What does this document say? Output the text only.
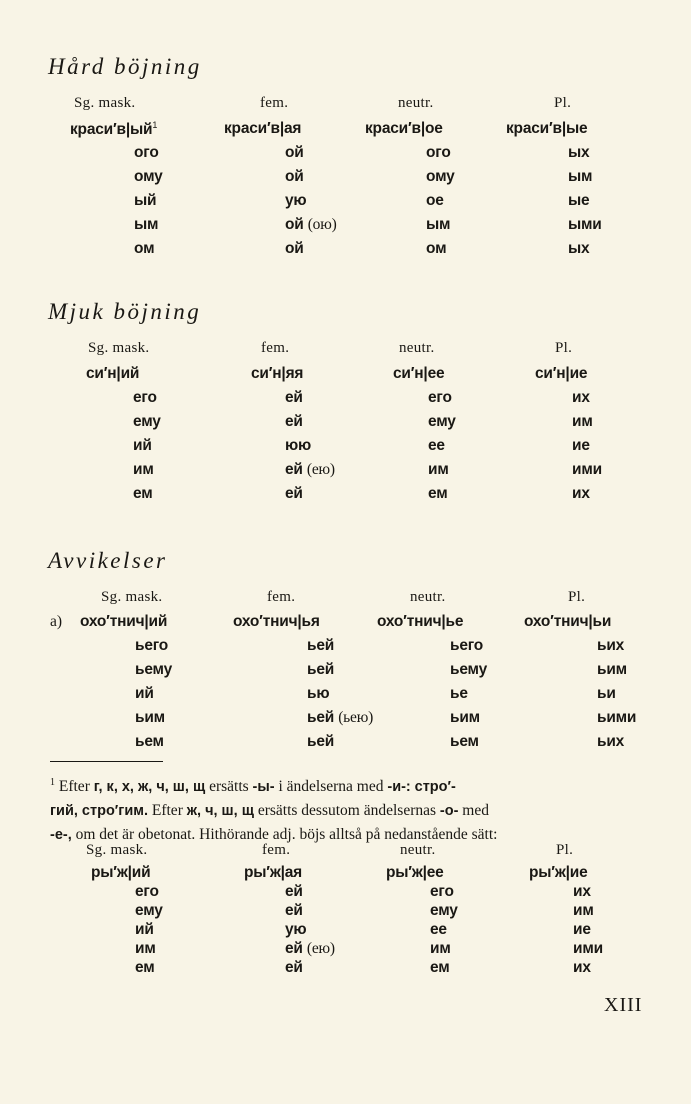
Hård böjning
Sg. mask.	fem.	neutr.	Pl.
$краси'в|ый^1$	краси′в|ая	краси′в|ое	краси′в|ые
ого	ой	ого	ых
ому	ой	ому	ым
ый	ую	ое	ые
ым	ой (ою)	ым	ыми
ом	ой	ом	ых
Mjuk böjning
Sg. mask.	fem.	neutr.	Pl.
си′н|ий	си′н|яя	си′н|ее	си′н|ие
его	ей	его	их
ему	ей	ему	им
ий	юю	ее	ие
им	ей (ею)	им	ими
ем	ей	ем	их
Avvikelser
Sg. mask.	fem.	neutr.	Pl.
a) охо′тнич|ий	охо′тнич|ья	охо′тнич|ье	охо′тнич|ьи
ьего	ьей	ьего	ьих
ьему	ьей	ьему	ьим
ий	ью	ье	ьи
ьим	ьей (ьею)	ьим	ьими
ьем	ьей	ьем	ьих
$^1$ Efter г, к, х, ж, ч, ш, щ ersätts -ы- i ändelserna med -и-: стро′-
гий, стро′гим. Efter ж, ч, ш, щ ersätts dessutom ändelsernas -о- med
-е-, om det är obetonat. Hithörande adj. böjs alltså på nedanstående sätt:
Sg. mask.	fem.	neutr.	Pl.
ры′ж|ий	ры′ж|ая	ры′ж|ее	ры′ж|ие
его	ей	его	их
ему	ей	ему	им
ий	ую	ее	ие
им	ей (ею)	им	ими
ем	ей	ем	их
XIII
